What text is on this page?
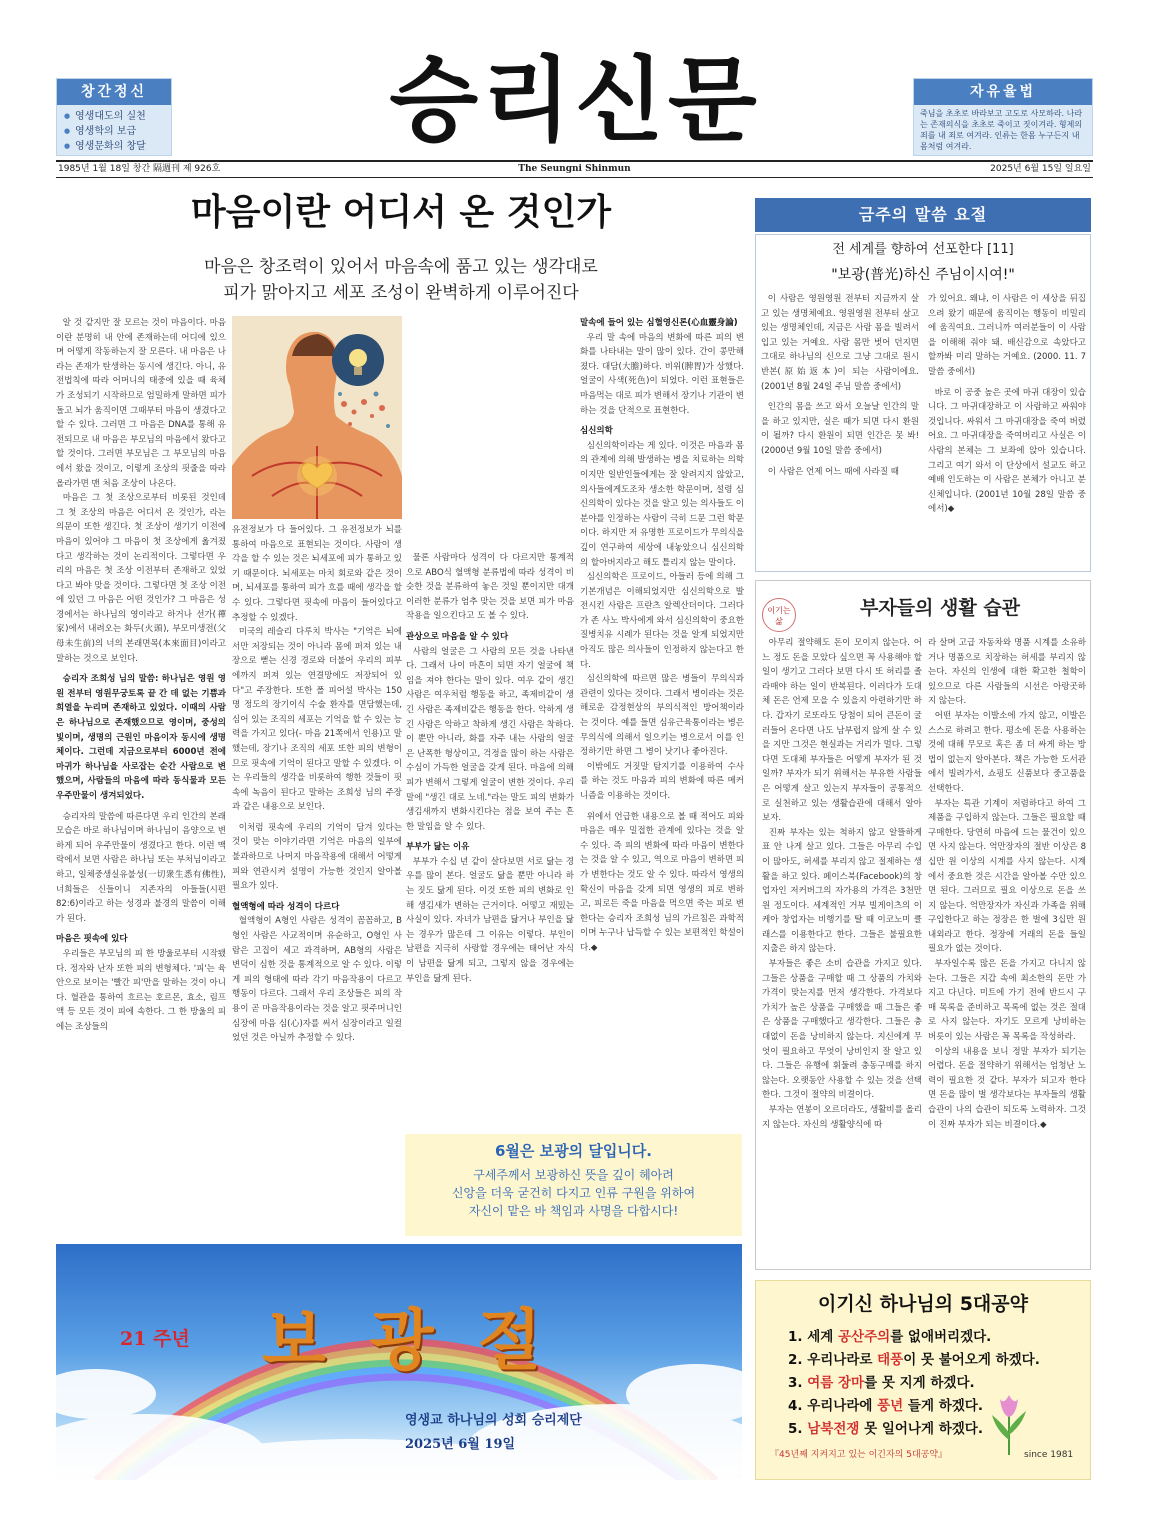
창간정신
● 영생대도의 실천
● 영생학의 보급
● 영생문화의 창달	승리신문	자유율법

죽님을 초초로 바라보고 고도로 사모하라. 나라는 존재의식을 초초로 죽이고 짓이겨라. 형제의 죄를 내 죄로 여겨라. 인류는 한몸 누구든지 내몸처럼 여겨라.

The Seungni Shinmun
1985년 1월 18일 창간 隔週刊 제 926호	2025년 6월 15일 일요일
마음이란 어디서 온 것인가
마음은 창조력이 있어서 마음속에 품고 있는 생각대로
피가 맑아지고 세포 조성이 완벽하게 이루어진다

알 것 같지만 잘 모르는 것이 마음이다. 마음이란 분명히 내 안에 존재하는데 어디에 있으며 어떻게 작동하는지 잘 모른다. 내 마음은 나라는 존재가 탄생하는 동시에 생긴다. 아니, 유전법칙에 따라 어머니의 태중에 있을 때 육체가 조성되기 시작하므로 엄밀하게 말하면 피가 돌고 뇌가 움직이면 그때부터 마음이 생겼다고 할 수 있다. 그러면 그 마음은 DNA를 통해 유전되므로 내 마음은 부모님의 마음에서 왔다고 할 것이다. 그러면 부모님은 그 부모님의 마음에서 왔을 것이고, 이렇게 조상의 핏줄을 따라 올라가면 맨 처음 조상이 나온다.

마음은 그 첫 조상으로부터 비롯된 것인데 그 첫 조상의 마음은 어디서 온 것인가, 라는 의문이 또한 생긴다. 첫 조상이 생기기 이전에 마음이 있어야 그 마음이 첫 조상에게 옮겨졌다고 생각하는 것이 논리적이다. 그렇다면 우리의 마음은 첫 조상 이전부터 존재하고 있었다고 봐야 맞을 것이다. 그렇다면 첫 조상 이전에 있던 그 마음은 어떤 것인가? 그 마음은 성경에서는 하나님의 영이라고 하거나 선가(禪家)에서 내려오는 화두(火頭), 부모미생전(父母未生前)의 너의 본래면목(本來面目)이라고 말하는 것으로 보인다.

승리자 조희성 님의 말씀: 하나님은 영원 영원 전부터 영원무궁토록 끝 간 데 없는 기쁨과 희열을 누리며 존재하고 있었다. 이때의 사람은 하나님으로 존재했으므로 영이며, 중성의 빛이며, 생명의 근원인 마음이자 동시에 생명체이다. 그런데 지금으로부터 6000년 전에 마귀가 하나님을 사로잡는 순간 사람으로 변했으며, 사람들의 마음에 따라 동식물과 모든 우주만물이 생겨되었다.

승리자의 말씀에 따른다면 우리 인간의 본래 모습은 바로 하나님이며 하나님이 음양으로 변하게 되어 우주만물이 생겼다고 한다. 이런 맥락에서 보면 사람은 하나님 또는 부처님이라고 하고, 일체중생실유불성(一切衆生悉有佛性), 너희들은 신들이니 지존자의 아들들(시편 82:6)이라고 하는 성경과 불경의 말씀이 이해가 된다.

마음은 핏속에 있다

우리들은 부모님의 피 한 방울로부터 시작됐다. 정자와 난자 또한 피의 변형체다. '피'는 육안으로 보이는 '빨간 피'만을 말하는 것이 아니다. 혈관을 통하여 흐르는 호르몬, 효소, 림프액 등 모든 것이 피에 속한다. 그 한 방울의 피에는 조상들의

유전정보가 다 들어있다. 그 유전정보가 뇌를 통하여 마음으로 표현되는 것이다. 사람이 생각을 할 수 있는 것은 뇌세포에 피가 통하고 있기 때문이다. 뇌세포는 마치 회로와 같은 것이며, 뇌세포를 통하여 피가 흐를 때에 생각을 할 수 있다. 그렇다면 핏속에 마음이 들어있다고 추정할 수 있겠다.

미국의 레슬리 다루치 박사는 "기억은 뇌에서만 저장되는 것이 아니라 몸에 퍼져 있는 내장으로 뻗는 신경 경로와 더불어 우리의 피부에까지 퍼져 있는 연결망에도 저장되어 있다"고 주장한다. 또한 폴 피어설 박사는 150명 정도의 장기이식 수술 환자를 면담했는데, 심어 있는 조직의 세포는 기억을 할 수 있는 능력을 가지고 있다(- 마음 21쪽에서 인용)고 말했는데, 장기나 조직의 세포 또한 피의 변형이므로 핏속에 기억이 된다고 말할 수 있겠다. 이는 우리들의 생각을 비롯하여 행한 것들이 핏속에 녹음이 된다고 말하는 조희성 님의 주장과 같은 내용으로 보인다.

이처럼 핏속에 우리의 기억이 담겨 있다는 것이 맞는 이야기라면 기억은 마음의 일부에 불과하므로 나머지 마음작용에 대해서 어떻게 피와 연관시켜 설명이 가능한 것인지 알아볼 필요가 있다.

혈액형에 따라 성격이 다르다

혈액형이 A형인 사람은 성격이 꼼꼼하고, B형인 사람은 사교적이며 유순하고, O형인 사람은 고집이 세고 과격하며, AB형의 사람은 변덕이 심한 것을 통계적으로 알 수 있다. 이렇게 피의 형태에 따라 각기 마음작용이 다르고 행동이 다르다. 그래서 우리 조상들은 피의 작용이 곧 마음작용이라는 것을 알고 핏주머니인 심장에 마음 심(心)자를 써서 심장이라고 일컬었던 것은 아닐까 추정할 수 있다.

물론 사람마다 성격이 다 다르지만 통계적으로 ABO식 혈액형 분류법에 따라 성격이 비슷한 것을 분류하여 놓은 것일 뿐이지만 대개 이러한 분류가 엄추 맞는 것을 보면 피가 마음작용을 일으킨다고 도 볼 수 있다.

관상으로 마음을 알 수 있다

사람의 얼굴은 그 사람의 모든 것을 나타낸다. 그래서 나이 마흔이 되면 자기 얼굴에 책임을 져야 한다는 말이 있다. 여우 같이 생긴 사람은 여우처럼 행동을 하고, 족제비같이 생긴 사람은 족제비같은 행동을 한다. 악하게 생긴 사람은 악하고 착하게 생긴 사람은 착하다. 이 뿐만 아니라, 화를 자주 내는 사람의 얼굴은 난폭한 형상이고, 걱정을 많이 하는 사람은 수심이 가득한 얼굴을 갖게 된다. 마음에 의해 피가 변해서 그렇게 얼굴이 변한 것이다. 우리말에 "생긴 대로 노네."라는 말도 피의 변화가 생김새까지 변화시킨다는 점을 보여 주는 흔한 말임을 알 수 있다.

부부가 닮는 이유

부부가 수십 년 같이 살다보면 서로 닮는 경우를 많이 본다. 얼굴도 닮을 뿐만 아니라 하는 짓도 닮게 된다. 이것 또한 피의 변화로 인해 생김새가 변하는 근거이다. 어떻고 재밌는 사실이 있다. 자녀가 남편을 닮거나 부인을 닮는 경우가 많은데 그 이유는 이렇다. 부인이 남편을 지극히 사랑할 경우에는 태어난 자식이 남편을 닮게 되고, 그렇지 않을 경우에는 부인을 닮게 된다.

말속에 들어 있는 심혈영신론(心血靈身論)

우리 말 속에 마음의 변화에 따른 피의 변화를 나타내는 말이 많이 있다. 간이 콩만해졌다. 대담(大膽)하다. 비위(脾胃)가 상했다. 얼굴이 사색(死色)이 되었다. 이런 표현들은 마음먹는 대로 피가 변해서 장기나 기관이 변하는 것을 단적으로 표현한다.

심신의학

심신의학이라는 게 있다. 이것은 마음과 몸의 관계에 의해 발생하는 병을 치료하는 의학이지만 일반인들에게는 잘 알려지지 않았고, 의사들에게도조차 생소한 학문이며, 설령 심신의학이 있다는 것을 알고 있는 의사들도 이 분야를 인정하는 사람이 극히 드문 그런 학문이다. 하지만 저 유명한 프로이드가 무의식을 깊이 연구하여 세상에 내놓았으니 심신의학의 할아버지라고 해도 틀리지 않는 말이다.

심신의학은 프로이드, 아들러 등에 의해 그 기본개념은 이해되었지만 심신의학으로 발전시킨 사람은 프란츠 알렉산더이다. 그러다가 존 사노 박사에게 와서 심신의학이 중요한 질병치유 시례가 된다는 것을 알게 되었지만 아직도 많은 의사들이 인정하지 않는다고 한다.

심신의학에 따르면 많은 병들이 무의식과 관련이 있다는 것이다. 그래서 병이라는 것은 해로운 감정현상의 부의식적인 방어책이라는 것이다. 예를 들면 심유근육통이라는 병은 무의식에 의해서 일으키는 병으로서 이를 인정하기만 하면 그 병이 낫기나 좋아진다.

이밖에도 거짓말 탐지기를 이용하여 수사를 하는 것도 마음과 피의 변화에 따른 메커니즘을 이용하는 것이다.

위에서 언급한 내용으로 볼 때 적어도 피와 마음은 매우 밀접한 관계에 있다는 것을 알 수 있다. 즉 피의 변화에 따라 마음이 변한다는 것을 알 수 있고, 역으로 마음이 변하면 피가 변한다는 것도 알 수 있다. 따라서 영생의 확신이 마음을 갖게 되면 영생의 피로 변하고, 피로든 죽을 마음을 먹으면 죽는 피로 변한다는 승리자 조희성 님의 가르침은 과학적이며 누구나 납득할 수 있는 보편적인 학설이다.◆

6월은 보광의 달입니다.
구세주께서 보광하신 뜻을 깊이 헤아려
신앙을 더욱 굳건히 다지고 인류 구원을 위하여
자신이 맡은 바 책임과 사명을 다합시다!
금주의 말씀 요절
전 세계를 향하여 선포한다 [11]
"보광(普光)하신 주님이시여!"

이 사람은 영원영원 전부터 지금까지 살고 있는 생명체예요. 영원영원 전부터 살고 있는 생명체인데, 지금은 사람 몸을 빌려서 입고 있는 거예요. 사람 몸만 벗어 던지면 그대로 하나님의 신으로 그냥 그대로 원시반본(原始返本)이 되는 사람이에요. (2001년 8월 24일 주님 말씀 중에서)

인간의 몸을 쓰고 와서 오늘날 인간의 말을 하고 있지만, 실은 때가 되면 다시 환원이 될까? 다시 환원이 되면 인간은 못 봐! (2000년 9월 10일 말씀 중에서)

이 사람은 언제 어느 때에 사라질 때

가 있어요. 왜냐, 이 사람은 이 세상을 뒤집으려 왔기 때문에 움직이는 행동이 비밀리에 움직여요. 그러니까 여러분들이 이 사람을 이해해 줘야 돼. 배신감으로 속았다고 할까봐 미리 말하는 거예요. (2000. 11. 7 말씀 중에서)

바로 이 공중 높은 곳에 마귀 대장이 있습니다. 그 마귀대장하고 이 사람하고 싸워야 것입니다. 싸워서 그 마귀대장을 죽여 버렸어요. 그 마귀대장을 죽여버리고 사실은 이 사람의 본체는 그 보좌에 앉아 있습니다. 그리고 여기 와서 이 단상에서 설교도 하고 예배 인도하는 이 사람은 본체가 아니고 분신체입니다. (2001년 10월 28일 말씀 중에서)◆

이기는 삶
부자들의 생활 습관

아무리 절약해도 돈이 모이지 않는다. 어느 정도 돈을 모았다 싶으면 꼭 사용해야 할 일이 생기고 그러다 보면 다시 또 허리를 졸라매야 하는 일이 반복된다. 이러다가 도대체 돈은 언제 모을 수 있을지 아련하기만 하다. 갑자기 로또라도 당첨이 되어 큰돈이 굴러들어 온다면 나도 남부럽지 않게 살 수 있을 지만 그것은 현실과는 거리가 멀다. 그렇다면 도대체 부자들은 어떻게 부자가 된 것일까? 부자가 되기 위해서는 부유한 사람들은 어떻게 살고 있는지 부자들이 공통적으로 실천하고 있는 생활습관에 대해서 알아보자.

진짜 부자는 있는 척하지 않고 알뜰하게 표 안 나게 살고 있다. 그들은 아무리 수입이 많아도, 허세를 부리지 않고 절제하는 생활을 하고 있다. 페이스북(Facebook)의 창업자인 저커버그의 자가용의 가격은 3천만 원 정도이다. 세계적인 거부 빌게이츠의 이케아 창업자는 비행기를 탈 때 이코노미 클래스를 이용한다고 한다. 그들은 불필요한 지출은 하지 않는다.

부자들은 좋은 소비 습관을 가지고 있다. 그들은 상품을 구매할 때 그 상품의 가치와 가격이 맞는지를 먼저 생각한다. 가격보다 가치가 높은 상품을 구매했을 때 그들은 좋은 상품을 구매했다고 생각한다. 그들은 충대없이 돈을 낭비하지 않는다. 지신에게 무엇이 필요하고 무엇이 낭비인지 잘 알고 있다. 그들은 유행에 휘둘려 충동구매를 하지 않는다. 오랫동안 사용할 수 있는 것을 선택한다. 그것이 절약의 비결이다.

부자는 연봉이 오르더라도, 생활비를 올리지 않는다. 자신의 생활양식에 따

라 살며 고급 자동차와 명품 시계를 소유하거나 명품으로 치장하는 허세를 부리지 않는다. 자신의 인생에 대한 확고한 철학이 있으므로 다른 사람들의 시선은 아랑곳하지 않는다.

어떤 부자는 이발소에 가지 않고, 이발은 스스로 하려고 한다. 평소에 돈을 사용하는 것에 대해 무모로 혹은 좀 더 싸게 하는 방법이 없는지 알아본다. 책은 가능한 도서관에서 빌려가서, 쇼핑도 신품보다 중고품을 선택한다.

부자는 특관 기계이 저렴하다고 하여 그 제품을 구입하지 않는다. 그들은 필요할 때 구매한다. 당연히 마음에 드는 물건이 있으면 사지 않는다. 억만장자의 절반 이상은 8십만 원 이상의 시계를 사지 않는다. 시계에서 중요한 것은 시간을 알아볼 수만 있으면 된다. 그러므로 필요 이상으로 돈을 쓰지 않는다. 억만장자가 자신과 가족을 위해 구입한다고 하는 정장은 한 벌에 3십만 원 내외라고 한다. 정장에 거래의 돈을 들일 필요가 없는 것이다.

부자일수록 많은 돈을 가지고 다니지 않는다. 그들은 지갑 속에 최소한의 돈만 가지고 다닌다. 미트에 가기 전에 반드시 구매 목록을 준비하고 목록에 없는 것은 절대로 사지 않는다. 자기도 모르게 낭비하는 버릇이 있는 사람은 꼭 목록을 작성하라.

이상의 내용을 보니 정말 부자가 되기는 어렵다. 돈을 절약하기 위해서는 엄청난 노력이 필요한 것 같다. 부자가 되고자 한다면 돈을 많이 벌 생각보다는 부자들의 생활 습관이 나의 습관이 되도록 노력하자. 그것이 진짜 부자가 되는 비결이다.◆

21 주년 보광절
영생교 하나님의 성회 승리제단
2025년 6월 19일
이기신 하나님의 5대공약
1. 세계 공산주의를 없애버리겠다.
2. 우리나라로 태풍이 못 불어오게 하겠다.
3. 여름 장마를 못 지게 하겠다.
4. 우리나라에 풍년 들게 하겠다.
5. 남북전쟁 못 일어나게 하겠다.
『45년째 지켜지고 있는 이긴자의 5대공약』	since 1981
